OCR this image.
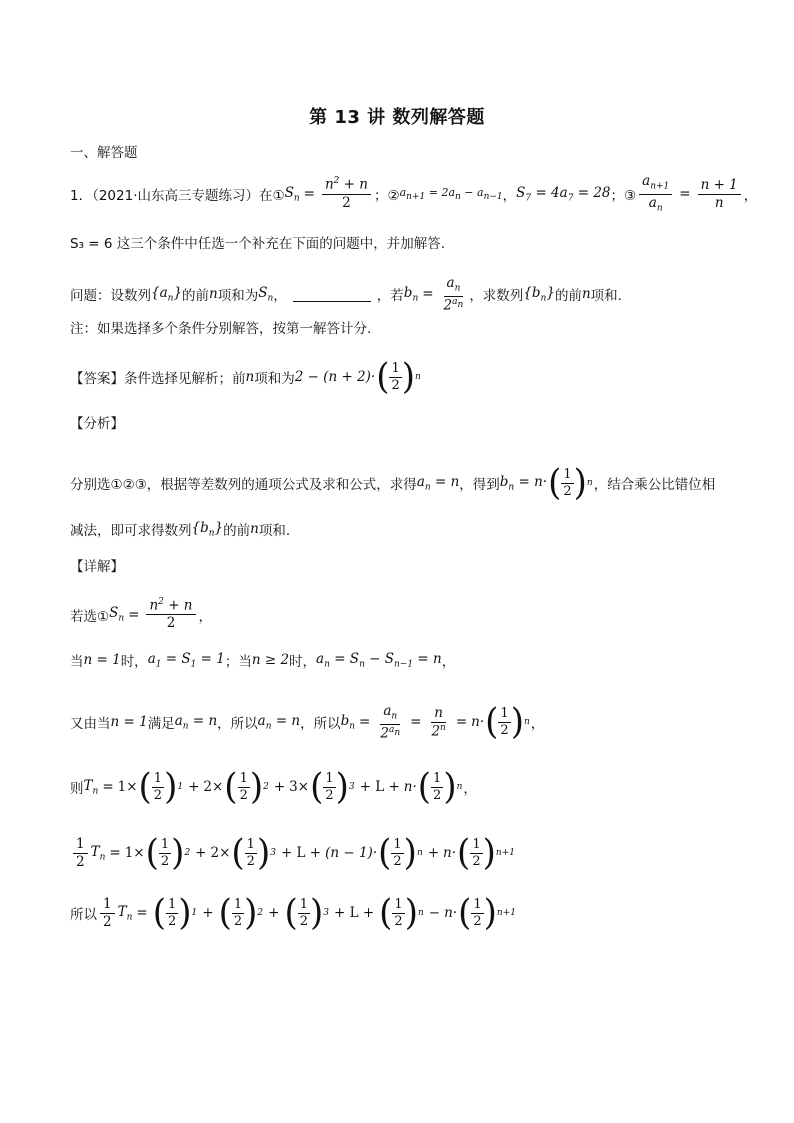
第 13 讲 数列解答题
一、解答题
1．（2021·山东高三专题练习）在① $S_n = \frac{n^2 + n}{2}$ ；② $a_{n+1} = 2a_n - a_{n-1}$ ， $S_7 = 4a_7 = 28$ ；③ $\frac{a_{n+1}}{a_n} = \frac{n + 1}{n}$ ，
S₃ = 6 这三个条件中任选一个补充在下面的问题中，并加解答.
问题：设数列 $\{a_n\}$ 的前 n 项和为 $S_n$ ，	，若 $b_n = \frac{a_n}{2^{a_n}}$ ，求数列 $\{b_n\}$ 的前 n 项和.
注：如果选择多个条件分别解答，按第一解答计分.
【答案】条件选择见解析；前 n 项和为 2 − (n + 2)· ( 1
2 ) n
【分析】
分别选①②③，根据等差数列的通项公式及求和公式，求得 $a_n = n$ ，得到 $b_n = n\cdot$ ( 1
2 ) n ，结合乘公比错位相
减法，即可求得数列 $\{b_n\}$ 的前 n 项和.
【详解】
若选① $S_n = \frac{n^2 + n}{2}$ ，
当 n = 1 时， $a_1 = S_1 = 1$ ；当 n ≥ 2 时， $a_n = S_n - S_{n-1} = n$ ，
又由当 n = 1 满足 $a_n = n$ ，所以 $a_n = n$ ，所以 $b_n = \frac{a_n}{2^{a_n}} = \frac{n}{2^n} = n\cdot$ ( 1
2 ) n ，
则 $T_n = 1\times$ ( 1
2 ) 1 + 2× ( 1
2 ) 2 + 3× ( 1
2 ) 3 + L + n· ( 1
2 ) n ，
$\frac{1}{2} T_n = 1\times$ ( 1
2 ) 2 + 2× ( 1
2 ) 3 + L + (n − 1)· ( 1
2 ) n + n· ( 1
2 ) n+1
所以 $\frac{1}{2} T_n$ = ( 1
2 ) 1 + ( 1
2 ) 2 + ( 1
2 ) 3 + L + ( 1
2 ) n − n· ( 1
2 ) n+1
